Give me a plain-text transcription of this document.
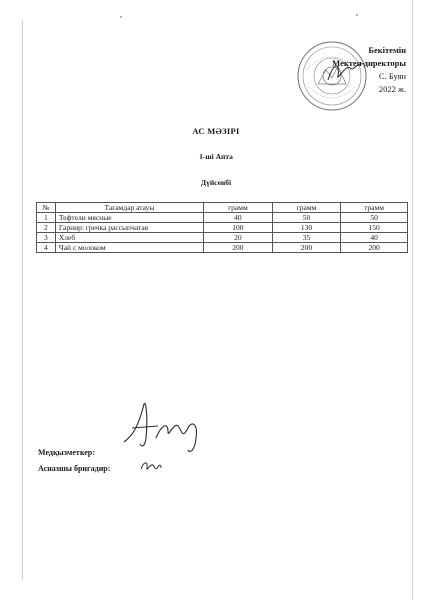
Бекітемін
Мектеп директоры
С. Буян
2022 ж.
АС МӘЗІРІ
1-ші Апта
Дүйсенбі
№	Тағамдар атауы	грамм	грамм	грамм
1	Тефтели мясные	40	50	50
2	Гарнир: гречка рассыпчатая	100	130	150
3	Хлеб	20	35	40
4	Чай с молоком	200	200	200
Медқызметкер:
Асназшы бригадир:
